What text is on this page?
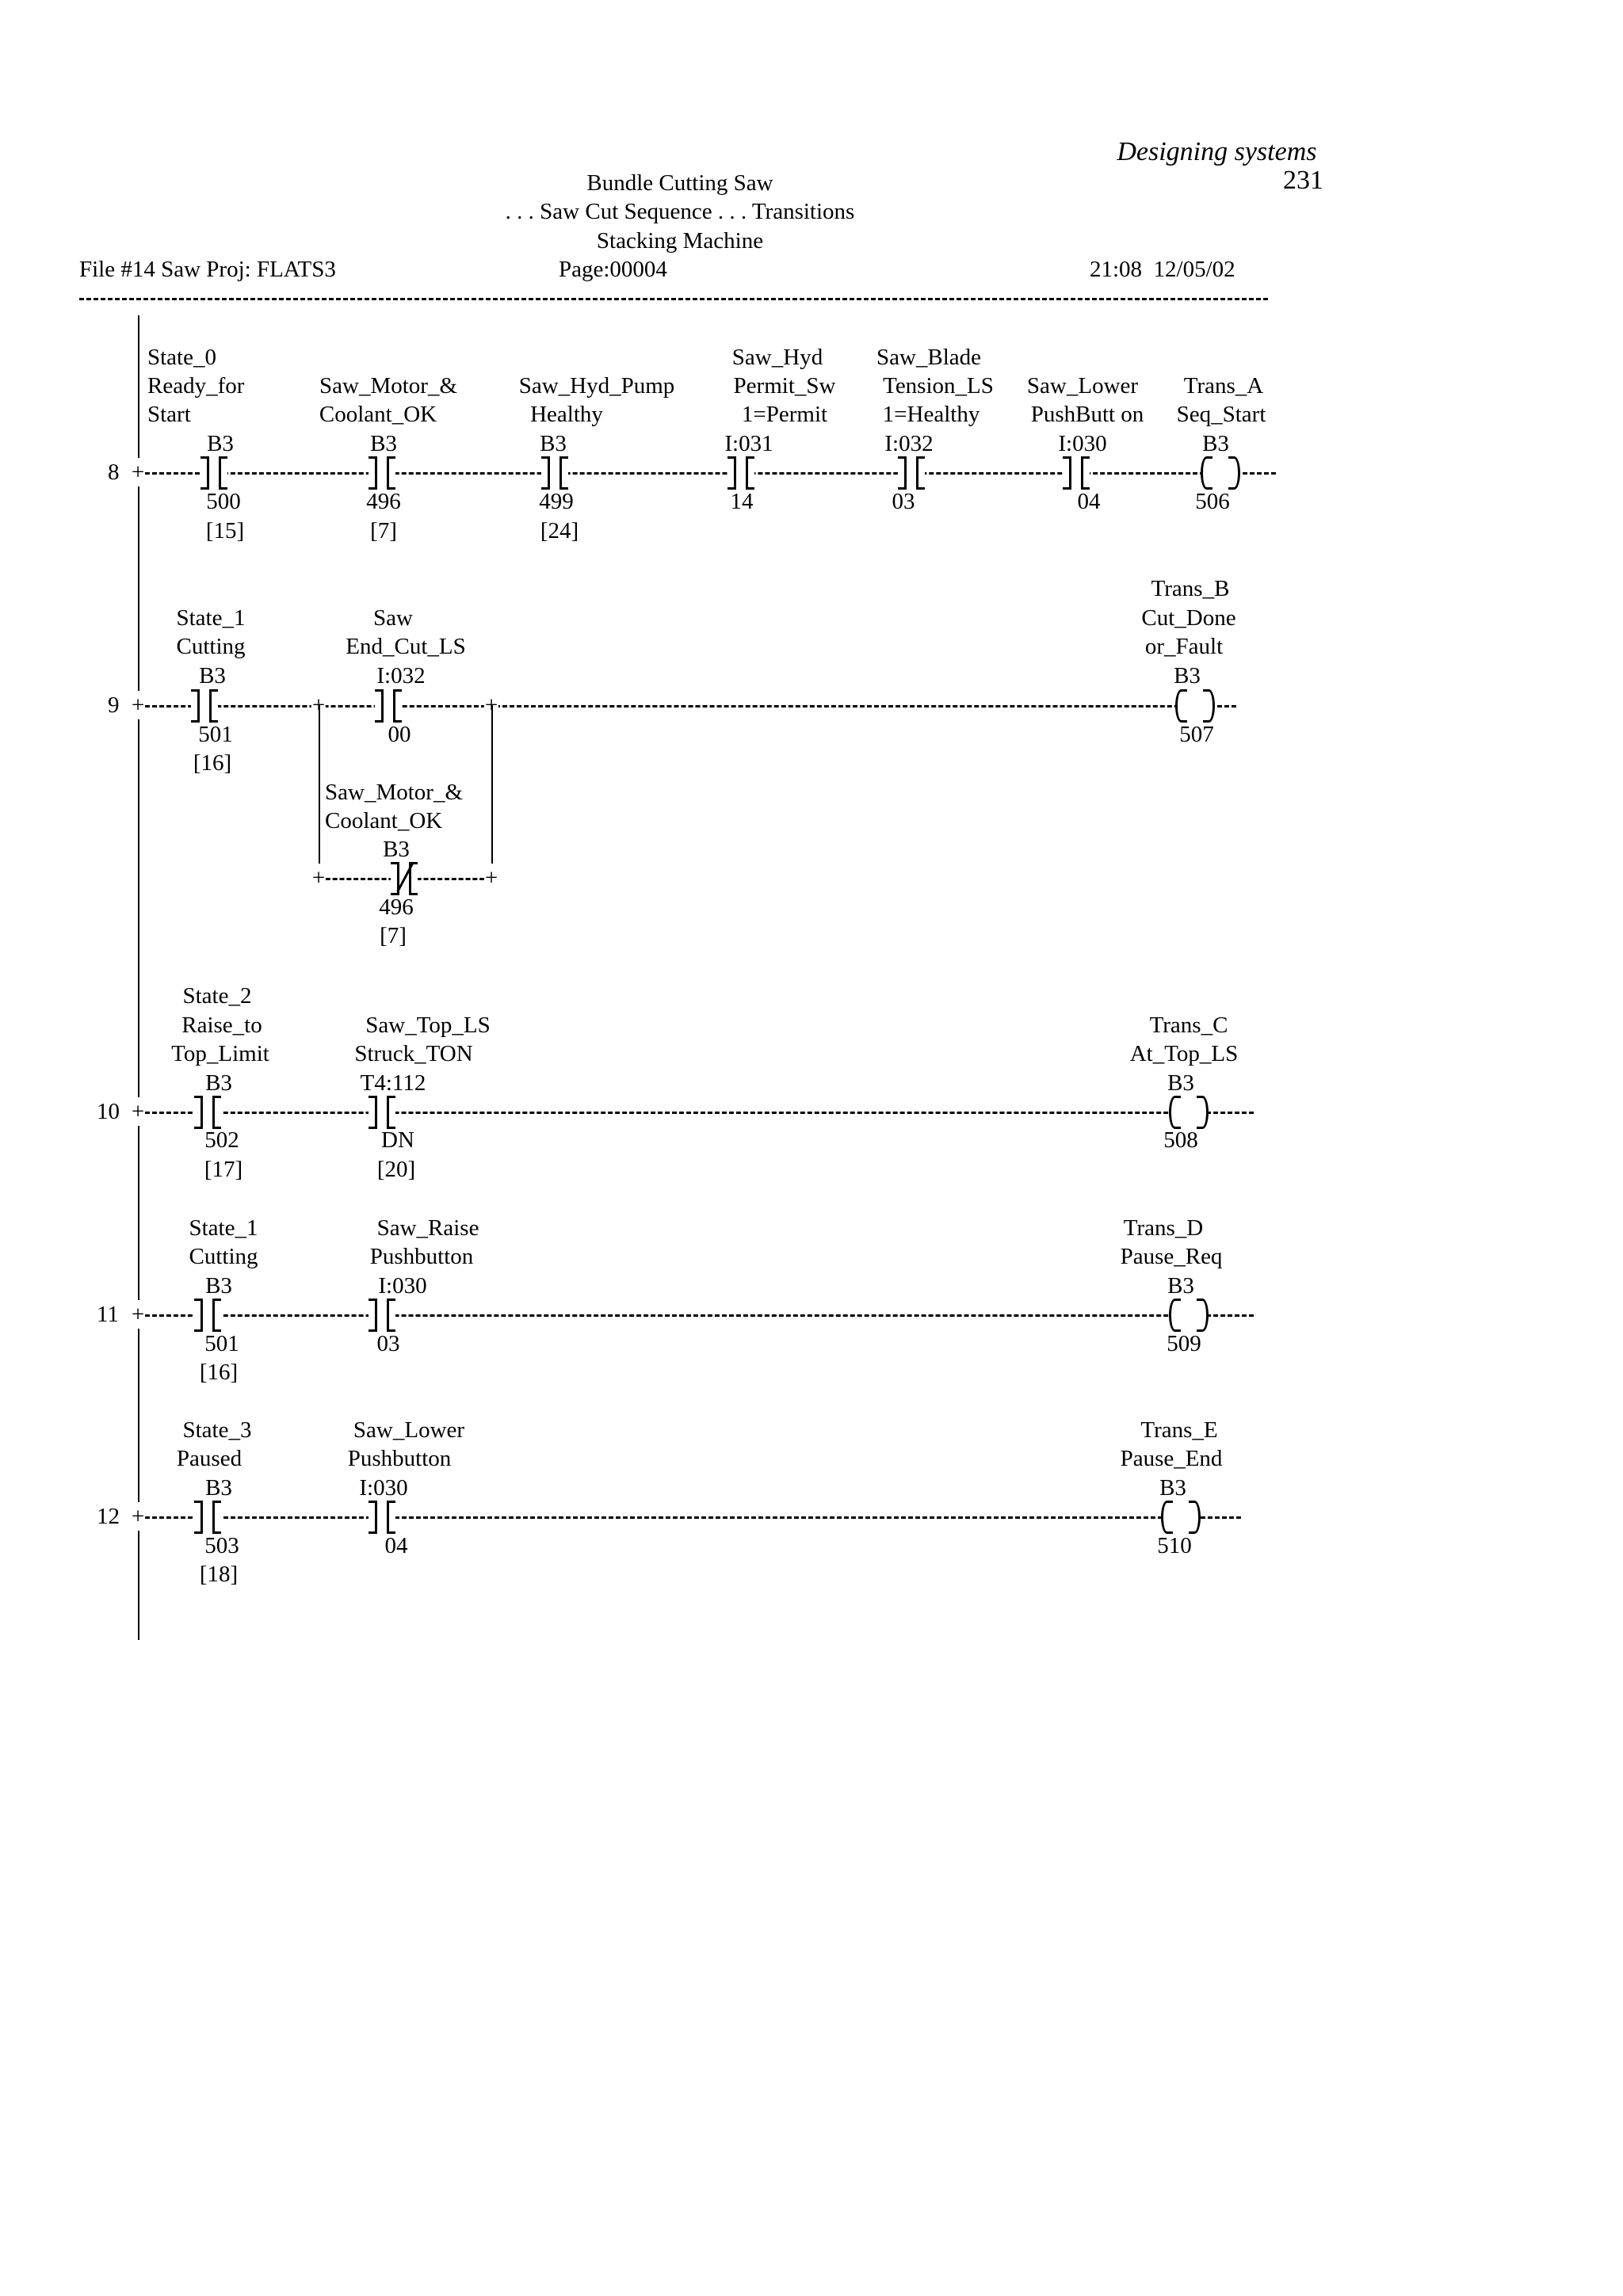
Designing systems
231

Bundle Cutting Saw
. . . Saw Cut Sequence . . . Transitions
Stacking Machine
File #14 Saw Proj: FLATS3	Page:00004	21:08  12/05/02
8 +
State_0
Ready_for
Start
B3
500
[15]
Saw_Motor_&
Coolant_OK
B3
496
[7]
Saw_Hyd_Pump
Healthy
B3
499
[24]
Saw_Hyd
Permit_Sw
1=Permit
I:031
14
Saw_Blade
Tension_LS
1=Healthy
I:032
03
Saw_Lower
PushButt on
I:030
04
Trans_A
Seq_Start
B3
506
9 +
State_1
Cutting
B3
501
[16]
+	+
+	+
Saw
End_Cut_LS
I:032
00
Saw_Motor_&
Coolant_OK
B3
496
[7]
Trans_B
Cut_Done
or_Fault
B3
507
10 +
State_2
Raise_to
Top_Limit
B3
502
[17]
Saw_Top_LS
Struck_TON
T4:112
DN
[20]
Trans_C
At_Top_LS
B3
508
11 +
State_1
Cutting
B3
501
[16]
Saw_Raise
Pushbutton
I:030
03
Trans_D
Pause_Req
B3
509
12 +
State_3
Paused
B3
503
[18]
Saw_Lower
Pushbutton
I:030
04
Trans_E
Pause_End
B3
510
